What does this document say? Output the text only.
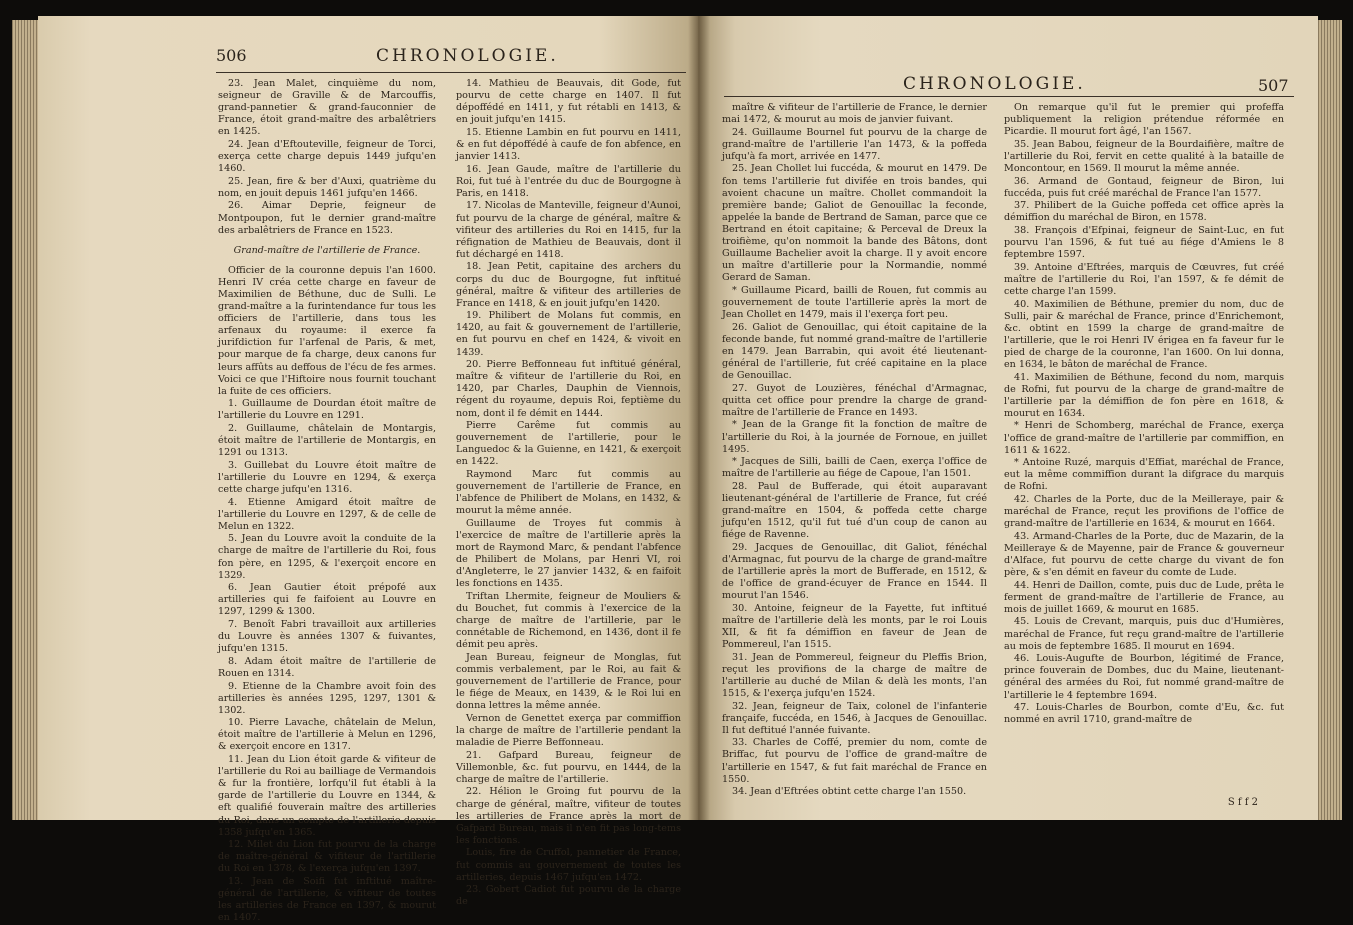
506	CHRONOLOGIE.

23. Jean Malet, cinquième du nom, seigneur de Graville & de Marcouffis, grand-pannetier & grand-fauconnier de France, étoit grand-maître des arbalêtriers en 1425.

24. Jean d'Eftouteville, feigneur de Torci, exerça cette charge depuis 1449 jufqu'en 1460.

25. Jean, fire & ber d'Auxi, quatrième du nom, en jouit depuis 1461 jufqu'en 1466.

26. Aimar Deprie, feigneur de Montpoupon, fut le dernier grand-maître des arbalêtriers de France en 1523.

Grand-maître de l'artillerie de France.

Officier de la couronne depuis l'an 1600. Henri IV créa cette charge en faveur de Maximilien de Béthune, duc de Sulli. Le grand-maître a la furintendance fur tous les officiers de l'artillerie, dans tous les arfenaux du royaume: il exerce fa jurifdiction fur l'arfenal de Paris, & met, pour marque de fa charge, deux canons fur leurs affûts au deffous de l'écu de fes armes. Voici ce que l'Hiftoire nous fournit touchant la fuite de ces officiers.

1. Guillaume de Dourdan étoit maître de l'artillerie du Louvre en 1291.

2. Guillaume, châtelain de Montargis, étoit maître de l'artillerie de Montargis, en 1291 ou 1313.

3. Guillebat du Louvre étoit maître de l'artillerie du Louvre en 1294, & exerça cette charge jufqu'en 1316.

4. Etienne Amigard étoit maître de l'artillerie du Louvre en 1297, & de celle de Melun en 1322.

5. Jean du Louvre avoit la conduite de la charge de maître de l'artillerie du Roi, fous fon père, en 1295, & l'exerçoit encore en 1329.

6. Jean Gautier étoit prépofé aux artilleries qui fe faifoient au Louvre en 1297, 1299 & 1300.

7. Benoît Fabri travailloit aux artilleries du Louvre ès années 1307 & fuivantes, jufqu'en 1315.

8. Adam étoit maître de l'artillerie de Rouen en 1314.

9. Etienne de la Chambre avoit foin des artilleries ès années 1295, 1297, 1301 & 1302.

10. Pierre Lavache, châtelain de Melun, étoit maître de l'artillerie à Melun en 1296, & exerçoit encore en 1317.

11. Jean du Lion étoit garde & vifiteur de l'artillerie du Roi au bailliage de Vermandois & fur la frontière, lorfqu'il fut établi à la garde de l'artillerie du Louvre en 1344, & eft qualifié fouverain maître des artilleries du Roi, dans un compte de l'artillerie depuis 1358 jufqu'en 1365.

12. Milet du Lion fut pourvu de la charge de maître-général & vifiteur de l'artillerie du Roi en 1378, & l'exerça jufqu'en 1397.

13. Jean de Soifi fut inftitué maître-général de l'artillerie, & vifiteur de toutes les artilleries de France en 1397, & mourut en 1407.

14. Mathieu de Beauvais, dit Gode, fut pourvu de cette charge en 1407. Il fut dépoffédé en 1411, y fut rétabli en 1413, & en jouit jufqu'en 1415.

15. Etienne Lambin en fut pourvu en 1411, & en fut dépoffédé à caufe de fon abfence, en janvier 1413.

16. Jean Gaude, maître de l'artillerie du Roi, fut tué à l'entrée du duc de Bourgogne à Paris, en 1418.

17. Nicolas de Manteville, feigneur d'Aunoi, fut pourvu de la charge de général, maître & vifiteur des artilleries du Roi en 1415, fur la réfignation de Mathieu de Beauvais, dont il fut déchargé en 1418.

18. Jean Petit, capitaine des archers du corps du duc de Bourgogne, fut inftitué général, maître & vifiteur des artilleries de France en 1418, & en jouit jufqu'en 1420.

19. Philibert de Molans fut commis, en 1420, au fait & gouvernement de l'artillerie, en fut pourvu en chef en 1424, & vivoit en 1439.

20. Pierre Beffonneau fut inftitué général, maître & vifiteur de l'artillerie du Roi, en 1420, par Charles, Dauphin de Viennois, régent du royaume, depuis Roi, feptième du nom, dont il fe démit en 1444.

Pierre Carême fut commis au gouvernement de l'artillerie, pour le Languedoc & la Guienne, en 1421, & exerçoit en 1422.

Raymond Marc fut commis au gouvernement de l'artillerie de France, en l'abfence de Philibert de Molans, en 1432, & mourut la même année.

Guillaume de Troyes fut commis à l'exercice de maître de l'artillerie après la mort de Raymond Marc, & pendant l'abfence de Philibert de Molans, par Henri VI, roi d'Angleterre, le 27 janvier 1432, & en faifoit les fonctions en 1435.

Triftan Lhermite, feigneur de Mouliers & du Bouchet, fut commis à l'exercice de la charge de maître de l'artillerie, par le connétable de Richemond, en 1436, dont il fe démit peu après.

Jean Bureau, feigneur de Monglas, fut commis verbalement, par le Roi, au fait & gouvernement de l'artillerie de France, pour le fiége de Meaux, en 1439, & le Roi lui en donna lettres la même année.

Vernon de Genettet exerça par commiffion la charge de maître de l'artillerie pendant la maladie de Pierre Beffonneau.

21. Gafpard Bureau, feigneur de Villemonble, &c. fut pourvu, en 1444, de la charge de maître de l'artillerie.

22. Hélion le Groing fut pourvu de la charge de général, maître, vifiteur de toutes les artilleries de France après la mort de Gafpard Bureau, mais il n'en fit pas long-tems les fonctions.

Louis, fire de Cruffol, pannetier de France, fut commis au gouvernement de toutes les artilleries, depuis 1467 jufqu'en 1472.

23. Gobert Cadiot fut pourvu de la charge de

CHRONOLOGIE.	507

maître & vifiteur de l'artillerie de France, le dernier mai 1472, & mourut au mois de janvier fuivant.

24. Guillaume Bournel fut pourvu de la charge de grand-maître de l'artillerie l'an 1473, & la poffeda jufqu'à fa mort, arrivée en 1477.

25. Jean Chollet lui fuccéda, & mourut en 1479. De fon tems l'artillerie fut divifée en trois bandes, qui avoient chacune un maître. Chollet commandoit la première bande; Galiot de Genouillac la feconde, appelée la bande de Bertrand de Saman, parce que ce Bertrand en étoit capitaine; & Perceval de Dreux la troifième, qu'on nommoit la bande des Bâtons, dont Guillaume Bachelier avoit la charge. Il y avoit encore un maître d'artillerie pour la Normandie, nommé Gerard de Saman.

* Guillaume Picard, bailli de Rouen, fut commis au gouvernement de toute l'artillerie après la mort de Jean Chollet en 1479, mais il l'exerça fort peu.

26. Galiot de Genouillac, qui étoit capitaine de la feconde bande, fut nommé grand-maître de l'artillerie en 1479. Jean Barrabin, qui avoit été lieutenant-général de l'artillerie, fut créé capitaine en la place de Genouillac.

27. Guyot de Louzières, fénéchal d'Armagnac, quitta cet office pour prendre la charge de grand-maître de l'artillerie de France en 1493.

* Jean de la Grange fit la fonction de maître de l'artillerie du Roi, à la journée de Fornoue, en juillet 1495.

* Jacques de Silli, bailli de Caen, exerça l'office de maître de l'artillerie au fiége de Capoue, l'an 1501.

28. Paul de Bufferade, qui étoit auparavant lieutenant-général de l'artillerie de France, fut créé grand-maître en 1504, & poffeda cette charge jufqu'en 1512, qu'il fut tué d'un coup de canon au fiége de Ravenne.

29. Jacques de Genouillac, dit Galiot, fénéchal d'Armagnac, fut pourvu de la charge de grand-maître de l'artillerie après la mort de Bufferade, en 1512, & de l'office de grand-écuyer de France en 1544. Il mourut l'an 1546.

30. Antoine, feigneur de la Fayette, fut inftitué maître de l'artillerie delà les monts, par le roi Louis XII, & fit fa démiffion en faveur de Jean de Pommereul, l'an 1515.

31. Jean de Pommereul, feigneur du Pleffis Brion, reçut les provifions de la charge de maître de l'artillerie au duché de Milan & delà les monts, l'an 1515, & l'exerça jufqu'en 1524.

32. Jean, feigneur de Taix, colonel de l'infanterie françaife, fuccéda, en 1546, à Jacques de Genouillac. Il fut deftitué l'année fuivante.

33. Charles de Coffé, premier du nom, comte de Briffac, fut pourvu de l'office de grand-maître de l'artillerie en 1547, & fut fait maréchal de France en 1550.

34. Jean d'Eftrées obtint cette charge l'an 1550.

On remarque qu'il fut le premier qui profeffa publiquement la religion prétendue réformée en Picardie. Il mourut fort âgé, l'an 1567.

35. Jean Babou, feigneur de la Bourdaifière, maître de l'artillerie du Roi, fervit en cette qualité à la bataille de Moncontour, en 1569. Il mourut la même année.

36. Armand de Gontaud, feigneur de Biron, lui fuccéda, puis fut créé maréchal de France l'an 1577.

37. Philibert de la Guiche poffeda cet office après la démiffion du maréchal de Biron, en 1578.

38. François d'Efpinai, feigneur de Saint-Luc, en fut pourvu l'an 1596, & fut tué au fiége d'Amiens le 8 feptembre 1597.

39. Antoine d'Eftrées, marquis de Cœuvres, fut créé maître de l'artillerie du Roi, l'an 1597, & fe démit de cette charge l'an 1599.

40. Maximilien de Béthune, premier du nom, duc de Sulli, pair & maréchal de France, prince d'Enrichemont, &c. obtint en 1599 la charge de grand-maître de l'artillerie, que le roi Henri IV érigea en fa faveur fur le pied de charge de la couronne, l'an 1600. On lui donna, en 1634, le bâton de maréchal de France.

41. Maximilien de Béthune, fecond du nom, marquis de Rofni, fut pourvu de la charge de grand-maître de l'artillerie par la démiffion de fon père en 1618, & mourut en 1634.

* Henri de Schomberg, maréchal de France, exerça l'office de grand-maître de l'artillerie par commiffion, en 1611 & 1622.

* Antoine Ruzé, marquis d'Effiat, maréchal de France, eut la même commiffion durant la difgrace du marquis de Rofni.

42. Charles de la Porte, duc de la Meilleraye, pair & maréchal de France, reçut les provifions de l'office de grand-maître de l'artillerie en 1634, & mourut en 1664.

43. Armand-Charles de la Porte, duc de Mazarin, de la Meilleraye & de Mayenne, pair de France & gouverneur d'Alface, fut pourvu de cette charge du vivant de fon père, & s'en démit en faveur du comte de Lude.

44. Henri de Daillon, comte, puis duc de Lude, prêta le ferment de grand-maître de l'artillerie de France, au mois de juillet 1669, & mourut en 1685.

45. Louis de Crevant, marquis, puis duc d'Humières, maréchal de France, fut reçu grand-maître de l'artillerie au mois de feptembre 1685. Il mourut en 1694.

46. Louis-Augufte de Bourbon, légitimé de France, prince fouverain de Dombes, duc du Maine, lieutenant-général des armées du Roi, fut nommé grand-maître de l'artillerie le 4 feptembre 1694.

47. Louis-Charles de Bourbon, comte d'Eu, &c. fut nommé en avril 1710, grand-maître de

S f f 2
